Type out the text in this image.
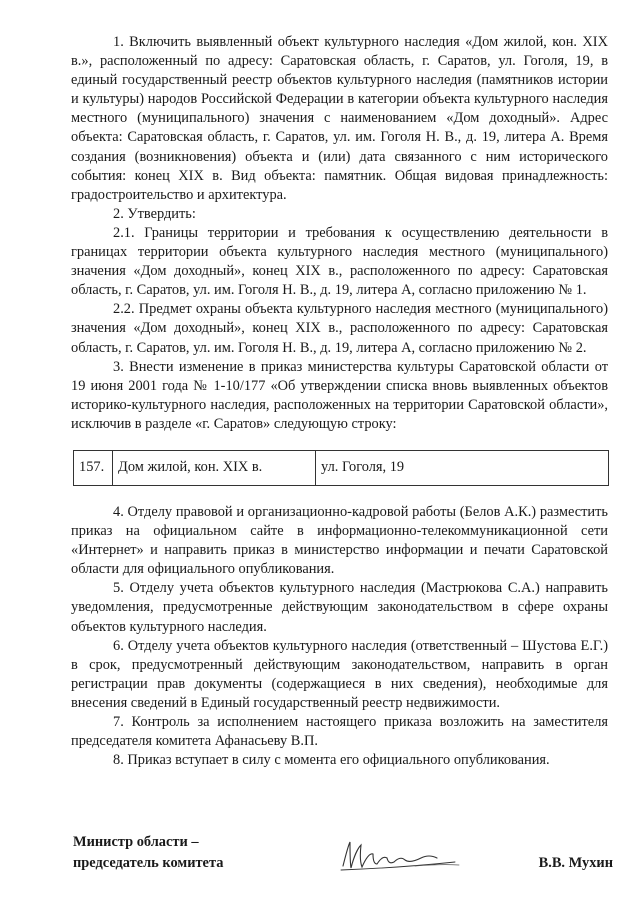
1. Включить выявленный объект культурного наследия «Дом жилой, кон. XIX в.», расположенный по адресу: Саратовская область, г. Саратов, ул. Гоголя, 19, в единый государственный реестр объектов культурного наследия (памятников истории и культуры) народов Российской Федерации в категории объекта культурного наследия местного (муниципального) значения с наименованием «Дом доходный». Адрес объекта: Саратовская область, г. Саратов, ул. им. Гоголя Н. В., д. 19, литера А. Время создания (возникновения) объекта и (или) дата связанного с ним исторического события: конец XIX в. Вид объекта: памятник. Общая видовая принадлежность: градостроительство и архитектура.

2. Утвердить:

2.1. Границы территории и требования к осуществлению деятельности в границах территории объекта культурного наследия местного (муниципального) значения «Дом доходный», конец XIX в., расположенного по адресу: Саратовская область, г. Саратов, ул. им. Гоголя Н. В., д. 19, литера А, согласно приложению № 1.

2.2. Предмет охраны объекта культурного наследия местного (муниципального) значения «Дом доходный», конец XIX в., расположенного по адресу: Саратовская область, г. Саратов, ул. им. Гоголя Н. В., д. 19, литера А, согласно приложению № 2.

3. Внести изменение в приказ министерства культуры Саратовской области от 19 июня 2001 года № 1-10/177 «Об утверждении списка вновь выявленных объектов историко-культурного наследия, расположенных на территории Саратовской области», исключив в разделе «г. Саратов» следующую строку:

157.	Дом жилой, кон. XIX в.	ул. Гоголя, 19

4. Отделу правовой и организационно-кадровой работы (Белов А.К.) разместить приказ на официальном сайте в информационно-телекоммуникационной сети «Интернет» и направить приказ в министерство информации и печати Саратовской области для официального опубликования.

5. Отделу учета объектов культурного наследия (Мастрюкова С.А.) направить уведомления, предусмотренные действующим законодательством в сфере охраны объектов культурного наследия.

6. Отделу учета объектов культурного наследия (ответственный – Шустова Е.Г.) в срок, предусмотренный действующим законодательством, направить в орган регистрации прав документы (содержащиеся в них сведения), необходимые для внесения сведений в Единый государственный реестр недвижимости.

7. Контроль за исполнением настоящего приказа возложить на заместителя председателя комитета Афанасьеву В.П.

8. Приказ вступает в силу с момента его официального опубликования.

Министр области –
председатель комитета	В.В. Мухин
